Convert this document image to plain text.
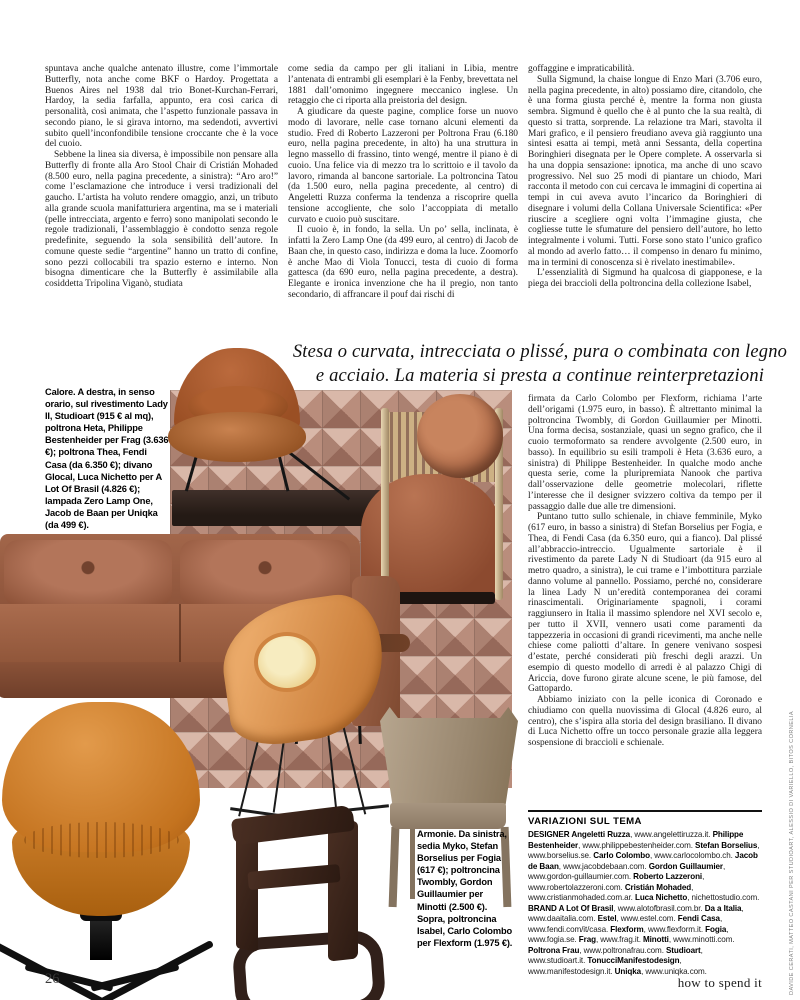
spuntava anche qualche antenato illustre, come l’immortale Butterfly, nota anche come BKF o Hardoy. Progettata a Buenos Aires nel 1938 dal trio Bonet-Kurchan-Ferrari, Hardoy, la sedia farfalla, appunto, era così carica di personalità, così animata, che l’aspetto funzionale passava in secondo piano, le si girava intorno, ma sedendoti, avvertivi subito quell’inconfondibile tensione croccante che è la voce del cuoio.

Sebbene la linea sia diversa, è impossibile non pensare alla Butterfly di fronte alla Aro Stool Chair di Cristián Mohaded (8.500 euro, nella pagina precedente, a sinistra): “Aro aro!” come l’esclamazione che introduce i versi tradizionali del gaucho. L’artista ha voluto rendere omaggio, anzi, un tributo alla grande scuola manifatturiera argentina, ma se i materiali (pelle intrecciata, argento e ferro) sono manipolati secondo le regole tradizionali, l’assemblaggio è condotto senza regole predefinite, seguendo la sola sensibilità dell’autore. In comune queste sedie “argentine” hanno un tratto di confine, sono pezzi collocabili tra spazio esterno e interno. Non bisogna dimenticare che la Butterfly è assimilabile alla cosiddetta Tripolina Viganò, studiata

come sedia da campo per gli italiani in Libia, mentre l’antenata di entrambi gli esemplari è la Fenby, brevettata nel 1881 dall’omonimo ingegnere meccanico inglese. Un retaggio che ci riporta alla preistoria del design.

A giudicare da queste pagine, complice forse un nuovo modo di lavorare, nelle case tornano alcuni elementi da studio. Fred di Roberto Lazzeroni per Poltrona Frau (6.180 euro, nella pagina precedente, in alto) ha una struttura in legno massello di frassino, tinto wengé, mentre il piano è di cuoio. Una felice via di mezzo tra lo scrittoio e il tavolo da lavoro, rimanda al bancone sartoriale. La poltroncina Tatou (da 1.500 euro, nella pagina precedente, al centro) di Angeletti Ruzza conferma la tendenza a riscoprire quella tensione accogliente, che solo l’accoppiata di metallo curvato e cuoio può suscitare.

Il cuoio è, in fondo, la sella. Un po’ sella, inclinata, è infatti la Zero Lamp One (da 499 euro, al centro) di Jacob de Baan che, in questo caso, indirizza e doma la luce. Zoomorfo è anche Mao di Viola Tonucci, testa di cuoio di forma gattesca (da 690 euro, nella pagina precedente, a destra). Elegante e ironica invenzione che ha il pregio, non tanto secondario, di affrancare il pouf dai rischi di

goffaggine e impraticabilità.

Sulla Sigmund, la chaise longue di Enzo Mari (3.706 euro, nella pagina precedente, in alto) possiamo dire, citandolo, che è una forma giusta perché è, mentre la forma non giusta sembra. Sigmund è quello che è al punto che la sua realtà, di questo si tratta, sorprende. La relazione tra Mari, stavolta il Mari grafico, e il pensiero freudiano aveva già raggiunto una sintesi esatta ai tempi, metà anni Sessanta, della copertina Boringhieri disegnata per le Opere complete. A osservarla si ha una doppia sensazione: ipnotica, ma anche di uno scavo progressivo. Nel suo 25 modi di piantare un chiodo, Mari racconta il metodo con cui cercava le immagini di copertina ai tempi in cui aveva avuto l’incarico da Boringhieri di disegnare i volumi della Collana Universale Scientifica: «Per riuscire a scegliere ogni volta l’immagine giusta, che cogliesse tutte le sfumature del pensiero dell’autore, ho letto integralmente i volumi. Tutti. Forse sono stato l’unico grafico al mondo ad averlo fatto… il compenso in denaro fu minimo, ma in termini di conoscenza si è rivelato inestimabile».

L’essenzialità di Sigmund ha qualcosa di giapponese, e la piega dei braccioli della poltroncina della collezione Isabel,

Stesa o curvata, intrecciata o plissé, pura o combinata con legno e acciaio. La materia si presta a continue reinterpretazioni
Calore. A destra, in senso orario, sul rivestimento Lady II, Studioart (915 € al mq), poltrona Heta, Philippe Bestenheider per Frag (3.636 €); poltrona Thea, Fendi Casa (da 6.350 €); divano Glocal, Luca Nichetto per A Lot Of Brasil (4.826 €); lampada Zero Lamp One, Jacob de Baan per Uniqka (da 499 €).

firmata da Carlo Colombo per Flexform, richiama l’arte dell’origami (1.975 euro, in basso). È altrettanto minimal la poltroncina Twombly, di Gordon Guillaumier per Minotti. Una forma decisa, sostanziale, quasi un segno grafico, che il cuoio termoformato sa rendere avvolgente (2.500 euro, in basso). In equilibrio su esili trampoli è Heta (3.636 euro, a sinistra) di Philippe Bestenheider. In qualche modo anche questa serie, come la pluripremiata Nanook che partiva dall’osservazione delle geometrie molecolari, riflette l’interesse che il designer svizzero coltiva da tempo per il passaggio dalle due alle tre dimensioni.

Puntano tutto sullo schienale, in chiave femminile, Myko (617 euro, in basso a sinistra) di Stefan Borselius per Fogia, e Thea, di Fendi Casa (da 6.350 euro, qui a fianco). Dal plissé all’abbraccio-intreccio. Ugualmente sartoriale è il rivestimento da parete Lady N di Studioart (da 915 euro al metro quadro, a sinistra), le cui trame e l’imbottitura parziale danno volume al pannello. Possiamo, perché no, considerare la linea Lady N un’eredità contemporanea dei corami rinascimentali. Originariamente spagnoli, i corami raggiunsero in Italia il massimo splendore nel XVI secolo e, per tutto il XVII, vennero usati come paramenti da tappezzeria in occasioni di grandi ricevimenti, ma anche nelle chiese come paliotti d’altare. In genere venivano sospesi d’estate, perché considerati più freschi degli arazzi. Un esempio di questo modello di arredi è al palazzo Chigi di Ariccia, dove furono girate alcune scene, le più famose, del Gattopardo.

Abbiamo iniziato con la pelle iconica di Coronado e chiudiamo con quella nuovissima di Glocal (4.826 euro, al centro), che s’ispira alla storia del design brasiliano. Il divano di Luca Nichetto offre un tocco personale grazie alla leggera sospensione di braccioli e schienale.

VARIAZIONI SUL TEMA
DESIGNER Angeletti Ruzza, www.angelettiruzza.it. Philippe Bestenheider, www.philippebestenheider.com. Stefan Borselius, www.borselius.se. Carlo Colombo, www.carlocolombo.ch. Jacob de Baan, www.jacobdebaan.com. Gordon Guillaumier, www.gordon-guillaumier.com. Roberto Lazzeroni, www.robertolazzeroni.com. Cristián Mohaded, www.cristianmohaded.com.ar. Luca Nichetto, nichettostudio.com. BRAND A Lot Of Brasil, www.alotofbrasil.com.br. Da a Italia, www.daaitalia.com. Estel, www.estel.com. Fendi Casa, www.fendi.com/it/casa. Flexform, www.flexform.it. Fogia, www.fogia.se. Frag, www.frag.it. Minotti, www.minotti.com. Poltrona Frau, www.poltronafrau.com. Studioart, www.studioart.it. TonucciManifestodesign, www.manifestodesign.it. Uniqka, www.uniqka.com.
Armonie. Da sinistra, sedia Myko, Stefan Borselius per Fogia (617 €); poltroncina Twombly, Gordon Guillaumier per Minotti (2.500 €). Sopra, poltroncina Isabel, Carlo Colombo per Flexform (1.975 €).
26	how to spend it	DAVIDE CERATI, MATTEO CASTANI PER STUDIOART, ALESSIO DI VARIELLO, BITOS CORNELIA
